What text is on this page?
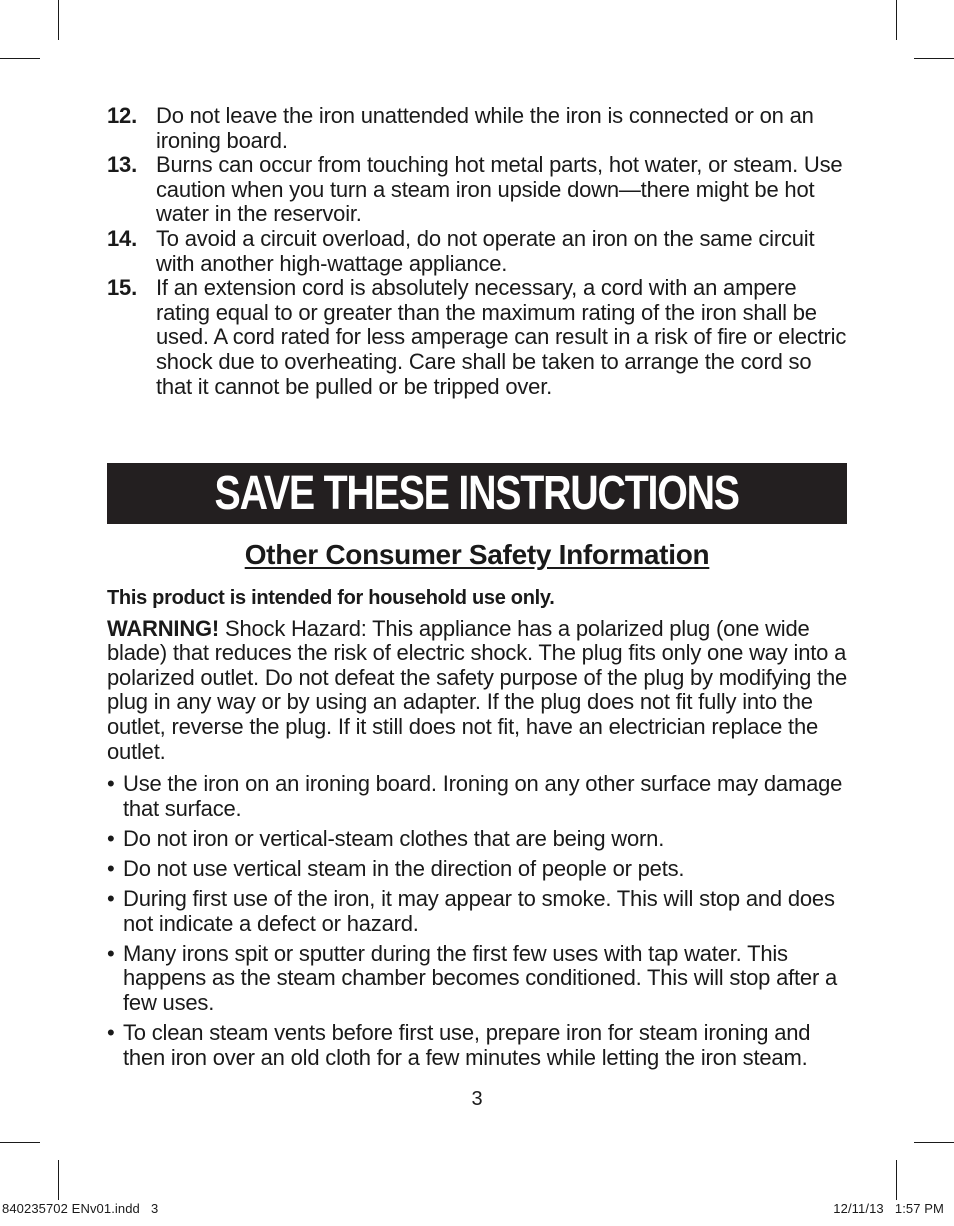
12. Do not leave the iron unattended while the iron is connected or on an ironing board.
13. Burns can occur from touching hot metal parts, hot water, or steam. Use caution when you turn a steam iron upside down—there might be hot water in the reservoir.
14. To avoid a circuit overload, do not operate an iron on the same circuit with another high-wattage appliance.
15. If an extension cord is absolutely necessary, a cord with an ampere rating equal to or greater than the maximum rating of the iron shall be used. A cord rated for less amperage can result in a risk of fire or electric shock due to overheating. Care shall be taken to arrange the cord so that it cannot be pulled or be tripped over.
SAVE THESE INSTRUCTIONS
Other Consumer Safety Information
This product is intended for household use only.
WARNING! Shock Hazard: This appliance has a polarized plug (one wide blade) that reduces the risk of electric shock. The plug fits only one way into a polarized outlet. Do not defeat the safety purpose of the plug by modifying the plug in any way or by using an adapter. If the plug does not fit fully into the outlet, reverse the plug. If it still does not fit, have an electrician replace the outlet.
• Use the iron on an ironing board. Ironing on any other surface may damage that surface.
• Do not iron or vertical-steam clothes that are being worn.
• Do not use vertical steam in the direction of people or pets.
• During first use of the iron, it may appear to smoke. This will stop and does not indicate a defect or hazard.
• Many irons spit or sputter during the first few uses with tap water. This happens as the steam chamber becomes conditioned. This will stop after a few uses.
• To clean steam vents before first use, prepare iron for steam ironing and then iron over an old cloth for a few minutes while letting the iron steam.
3
840235702 ENv01.indd   3	12/11/13   1:57 PM
